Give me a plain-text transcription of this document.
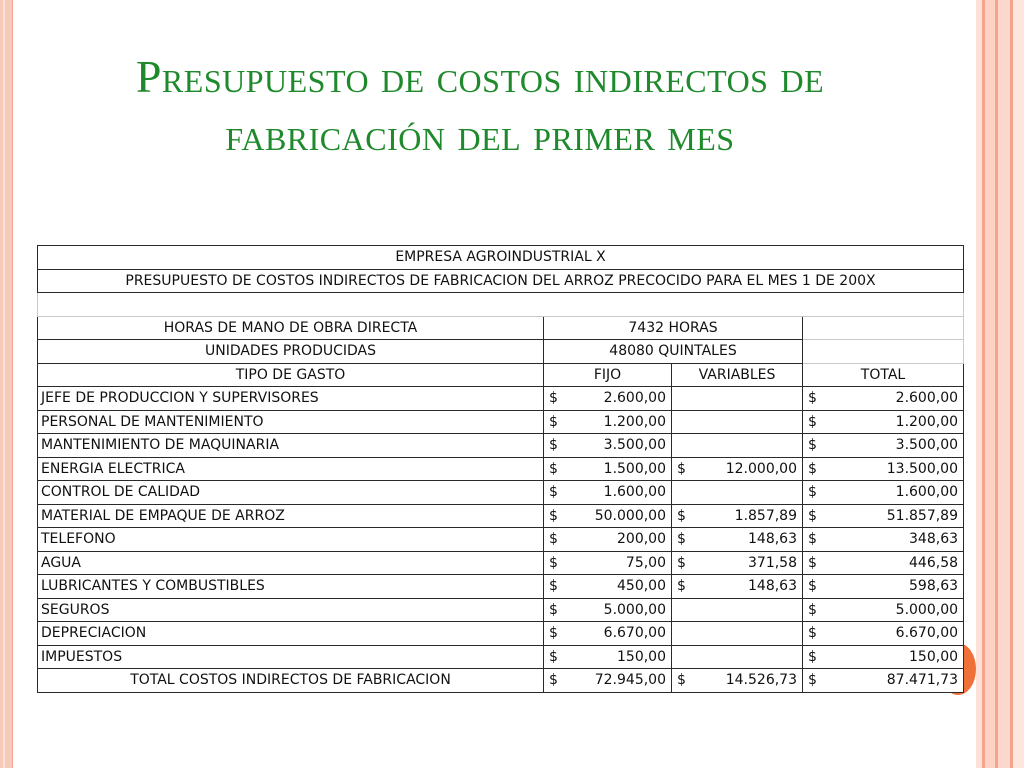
Presupuesto de costos indirectos de fabricación del primer mes
EMPRESA AGROINDUSTRIAL X			
PRESUPUESTO DE COSTOS INDIRECTOS DE FABRICACION DEL ARROZ PRECOCIDO PARA EL MES 1 DE 200X			

HORAS DE MANO DE OBRA DIRECTA	7432 HORAS		
UNIDADES PRODUCIDAS	48080 QUINTALES		
TIPO DE GASTO	FIJO	VARIABLES	TOTAL
JEFE DE PRODUCCION Y SUPERVISORES	$ 2.600,00		$ 2.600,00

PERSONAL DE MANTENIMIENTO	$ 1.200,00		$ 1.200,00

MANTENIMIENTO DE MAQUINARIA	$ 3.500,00		$ 3.500,00

ENERGIA ELECTRICA	$ 1.500,00	$ 12.000,00	$ 13.500,00

CONTROL DE CALIDAD	$ 1.600,00		$ 1.600,00

MATERIAL DE EMPAQUE DE ARROZ	$ 50.000,00	$ 1.857,89	$ 51.857,89

TELEFONO	$ 200,00	$ 148,63	$ 348,63

AGUA	$ 75,00	$ 371,58	$ 446,58

LUBRICANTES Y COMBUSTIBLES	$ 450,00	$ 148,63	$ 598,63

SEGUROS	$ 5.000,00		$ 5.000,00

DEPRECIACION	$ 6.670,00		$ 6.670,00

IMPUESTOS	$ 150,00		$ 150,00

TOTAL COSTOS INDIRECTOS DE FABRICACION	$ 72.945,00	$ 14.526,73	$ 87.471,73
